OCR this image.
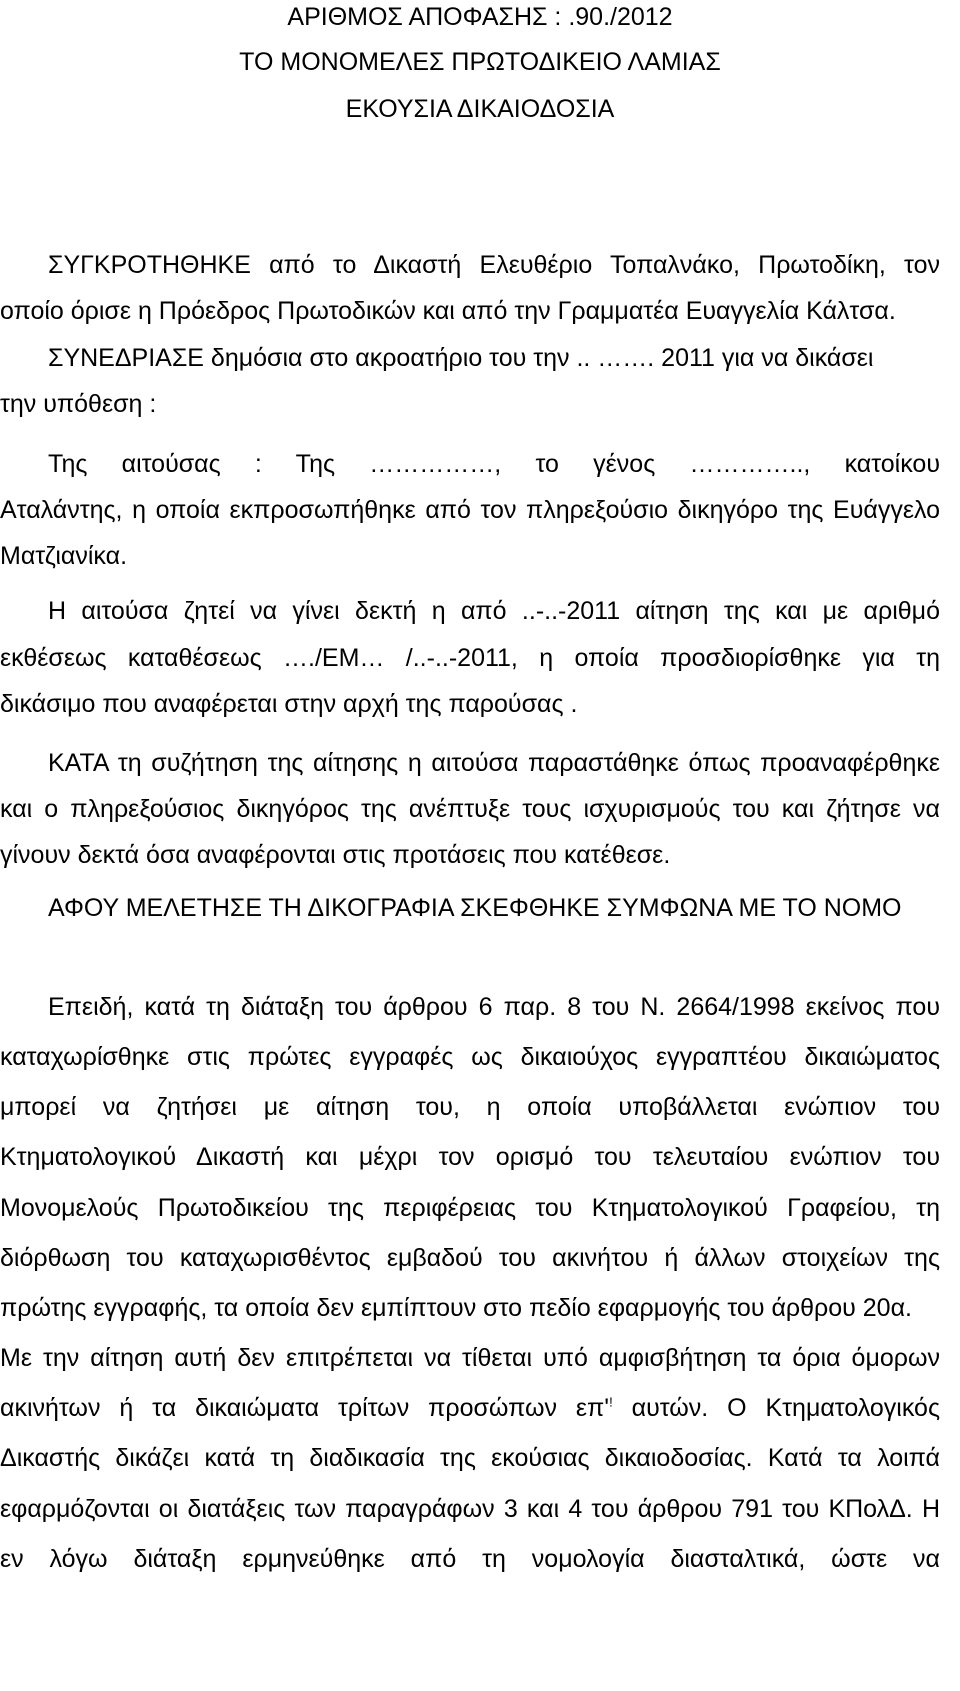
ΑΡΙΘΜΟΣ ΑΠΟΦΑΣΗΣ : .90./2012
ΤΟ ΜΟΝΟΜΕΛΕΣ ΠΡΩΤΟΔΙΚΕΙΟ ΛΑΜΙΑΣ
ΕΚΟΥΣΙΑ ΔΙΚΑΙΟΔΟΣΙΑ
ΣΥΓΚΡΟΤΗΘΗΚΕ από το Δικαστή Ελευθέριο Τοπαλνάκο, Πρωτοδίκη, τον
οποίο όρισε η Πρόεδρος Πρωτοδικών και από την Γραμματέα Ευαγγελία Κάλτσα.
ΣΥΝΕΔΡΙΑΣΕ δημόσια στο ακροατήριο του την .. ……. 2011 για να δικάσει
την υπόθεση :
Της αιτούσας : Της ……………, το γένος ………….., κατοίκου
Αταλάντης, η οποία εκπροσωπήθηκε από τον πληρεξούσιο δικηγόρο της Ευάγγελο
Ματζιανίκα.
Η αιτούσα ζητεί να γίνει δεκτή η από ..-..-2011 αίτηση της και με αριθμό
εκθέσεως καταθέσεως …./ΕΜ… /..-..-2011, η οποία προσδιορίσθηκε για τη
δικάσιμο που αναφέρεται στην αρχή της παρούσας .
ΚΑΤΑ τη συζήτηση της αίτησης η αιτούσα παραστάθηκε όπως προαναφέρθηκε
και ο πληρεξούσιος δικηγόρος της ανέπτυξε τους ισχυρισμούς του και ζήτησε να
γίνουν δεκτά όσα αναφέρονται στις προτάσεις που κατέθεσε.
ΑΦΟΥ ΜΕΛΕΤΗΣΕ ΤΗ ΔΙΚΟΓΡΑΦΙΑ ΣΚΕΦΘΗΚΕ ΣΥΜΦΩΝΑ ΜΕ ΤΟ ΝΟΜΟ
Επειδή, κατά τη διάταξη του άρθρου 6 παρ. 8 του Ν. 2664/1998 εκείνος που
καταχωρίσθηκε στις πρώτες εγγραφές ως δικαιούχος εγγραπτέου δικαιώματος
μπορεί να ζητήσει με αίτηση του, η οποία υποβάλλεται ενώπιον του
Κτηματολογικού Δικαστή και μέχρι τον ορισμό του τελευταίου ενώπιον του
Μονομελούς Πρωτοδικείου της περιφέρειας του Κτηματολογικού Γραφείου, τη
διόρθωση του καταχωρισθέντος εμβαδού του ακινήτου ή άλλων στοιχείων της
πρώτης εγγραφής, τα οποία δεν εμπίπτουν στο πεδίο εφαρμογής του άρθρου 20α.
Με την αίτηση αυτή δεν επιτρέπεται να τίθεται υπό αμφισβήτηση τα όρια όμορων
ακινήτων ή τα δικαιώματα τρίτων προσώπων επ'! αυτών. Ο Κτηματολογικός
Δικαστής δικάζει κατά τη διαδικασία της εκούσιας δικαιοδοσίας. Κατά τα λοιπά
εφαρμόζονται οι διατάξεις των παραγράφων 3 και 4 του άρθρου 791 του ΚΠολΔ. Η
εν λόγω διάταξη ερμηνεύθηκε από τη νομολογία διασταλτικά, ώστε να
